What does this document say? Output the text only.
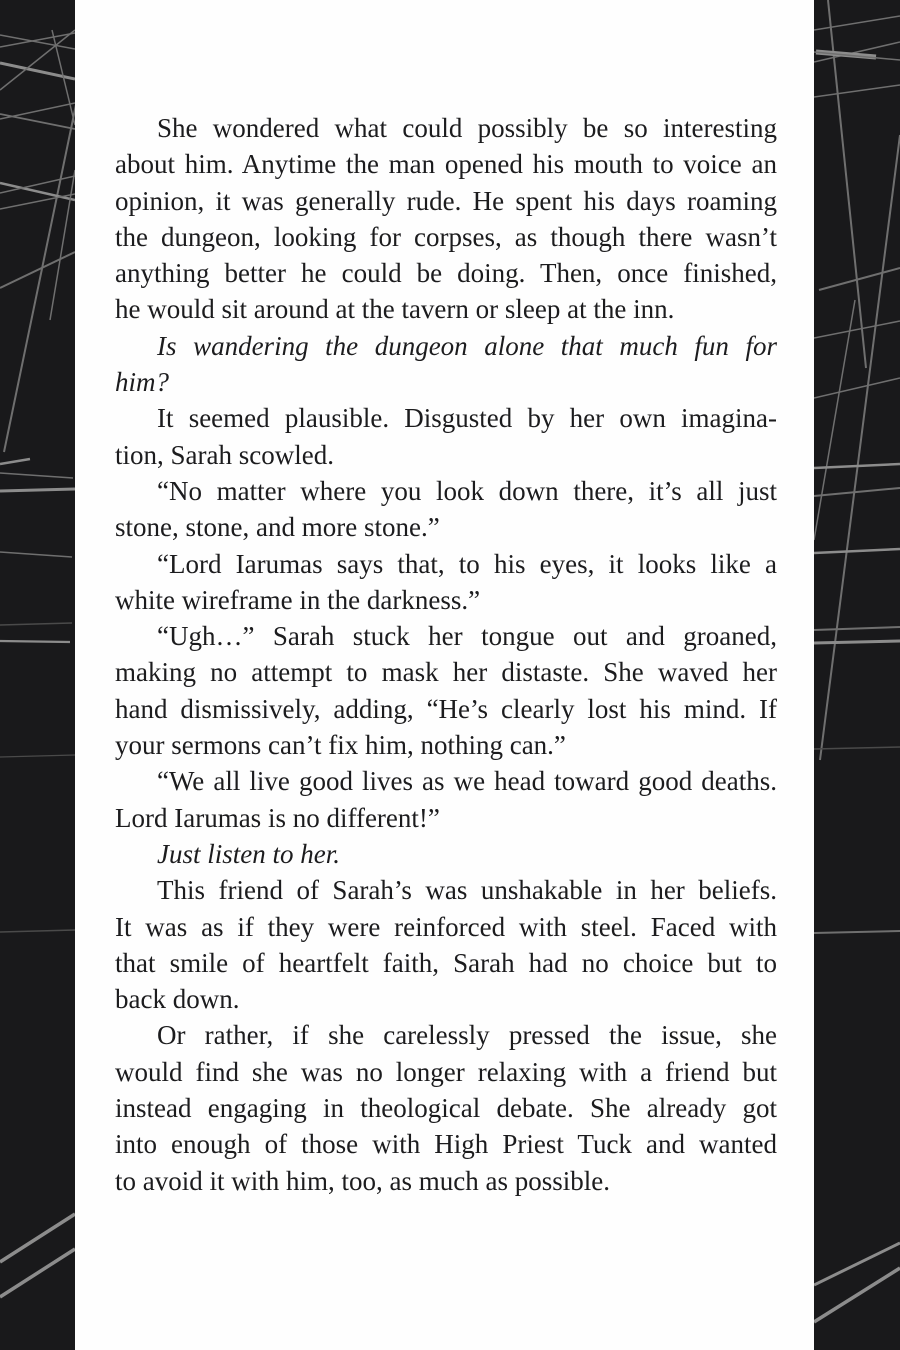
She wondered what could possibly be so interesting
about him. Anytime the man opened his mouth to voice an
opinion, it was generally rude. He spent his days roaming
the dungeon, looking for corpses, as though there wasn’t
anything better he could be doing. Then, once finished,
he would sit around at the tavern or sleep at the inn.
Is wandering the dungeon alone that much fun for
him?
It seemed plausible. Disgusted by her own imagina-
tion, Sarah scowled.
“No matter where you look down there, it’s all just
stone, stone, and more stone.”
“Lord Iarumas says that, to his eyes, it looks like a
white wireframe in the darkness.”
“Ugh…” Sarah stuck her tongue out and groaned,
making no attempt to mask her distaste. She waved her
hand dismissively, adding, “He’s clearly lost his mind. If
your sermons can’t fix him, nothing can.”
“We all live good lives as we head toward good deaths.
Lord Iarumas is no different!”
Just listen to her.
This friend of Sarah’s was unshakable in her beliefs.
It was as if they were reinforced with steel. Faced with
that smile of heartfelt faith, Sarah had no choice but to
back down.
Or rather, if she carelessly pressed the issue, she
would find she was no longer relaxing with a friend but
instead engaging in theological debate. She already got
into enough of those with High Priest Tuck and wanted
to avoid it with him, too, as much as possible.
